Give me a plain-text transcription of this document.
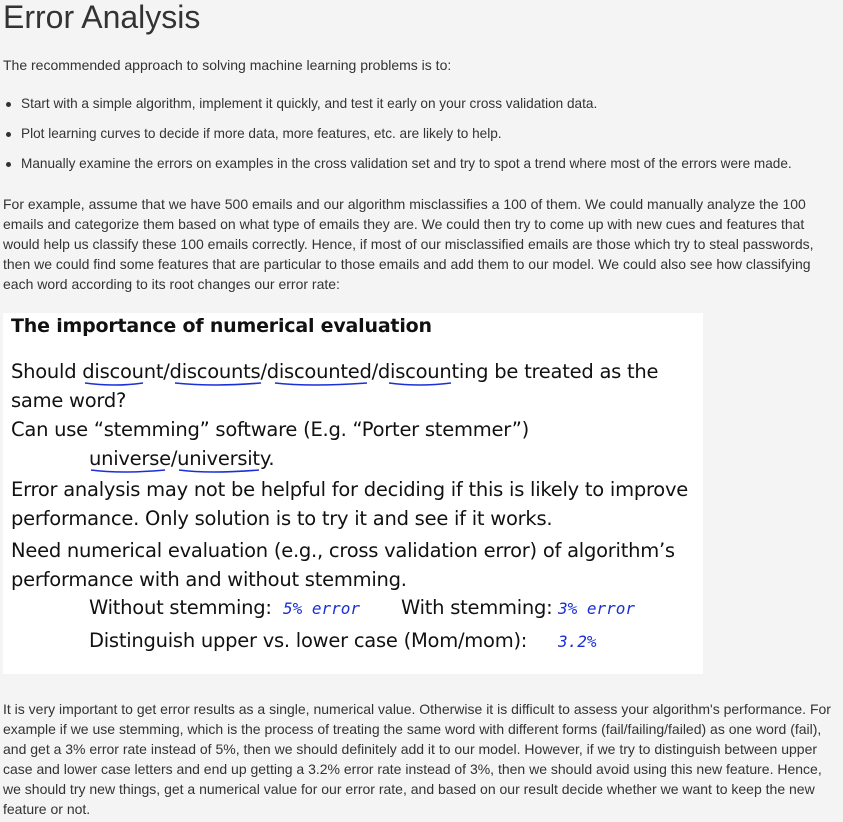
Error Analysis

The recommended approach to solving machine learning problems is to:

Start with a simple algorithm, implement it quickly, and test it early on your cross validation data.
Plot learning curves to decide if more data, more features, etc. are likely to help.
Manually examine the errors on examples in the cross validation set and try to spot a trend where most of the errors were made.

For example, assume that we have 500 emails and our algorithm misclassifies a 100 of them. We could manually analyze the 100 emails and categorize them based on what type of emails they are. We could then try to come up with new cues and features that would help us classify these 100 emails correctly. Hence, if most of our misclassified emails are those which try to steal passwords, then we could find some features that are particular to those emails and add them to our model. We could also see how classifying each word according to its root changes our error rate:

The importance of numerical evaluation
Should discount/discounts/discounted/discounting be treated as the
same word?
Can use “stemming” software (E.g. “Porter stemmer”)
universe/university.
Error analysis may not be helpful for deciding if this is likely to improve
performance. Only solution is to try it and see if it works.
Need numerical evaluation (e.g., cross validation error) of algorithm’s
performance with and without stemming.
Without stemming: 5% error With stemming: 3% error
Distinguish upper vs. lower case (Mom/mom): 3.2%

It is very important to get error results as a single, numerical value. Otherwise it is difficult to assess your algorithm's performance. For example if we use stemming, which is the process of treating the same word with different forms (fail/failing/failed) as one word (fail), and get a 3% error rate instead of 5%, then we should definitely add it to our model. However, if we try to distinguish between upper case and lower case letters and end up getting a 3.2% error rate instead of 3%, then we should avoid using this new feature. Hence, we should try new things, get a numerical value for our error rate, and based on our result decide whether we want to keep the new feature or not.
